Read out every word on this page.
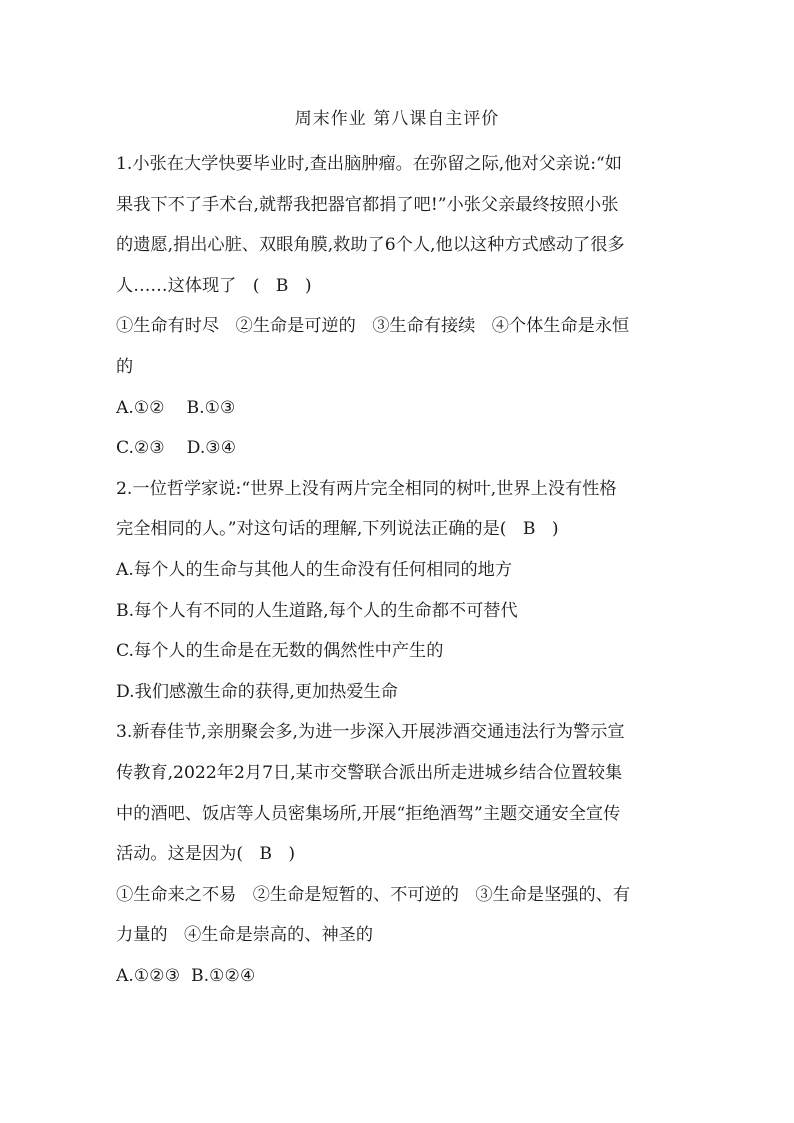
周末作业 第八课自主评价

1.小张在大学快要毕业时,查出脑肿瘤。在弥留之际,他对父亲说:“如

果我下不了手术台,就帮我把器官都捐了吧!”小张父亲最终按照小张

的遗愿,捐出心脏、双眼角膜,救助了6个人,他以这种方式感动了很多

人……这体现了   (   B   )

①生命有时尽   ②生命是可逆的   ③生命有接续   ④个体生命是永恒

的

A.①②    B.①③

C.②③    D.③④

2.一位哲学家说:“世界上没有两片完全相同的树叶,世界上没有性格

完全相同的人。”对这句话的理解,下列说法正确的是(   B   )

A.每个人的生命与其他人的生命没有任何相同的地方

B.每个人有不同的人生道路,每个人的生命都不可替代

C.每个人的生命是在无数的偶然性中产生的

D.我们感激生命的获得,更加热爱生命

3.新春佳节,亲朋聚会多,为进一步深入开展涉酒交通违法行为警示宣

传教育,2022年2月7日,某市交警联合派出所走进城乡结合位置较集

中的酒吧、饭店等人员密集场所,开展“拒绝酒驾”主题交通安全宣传

活动。这是因为(   B   )

①生命来之不易   ②生命是短暂的、不可逆的   ③生命是坚强的、有

力量的   ④生命是崇高的、神圣的

A.①②③  B.①②④
